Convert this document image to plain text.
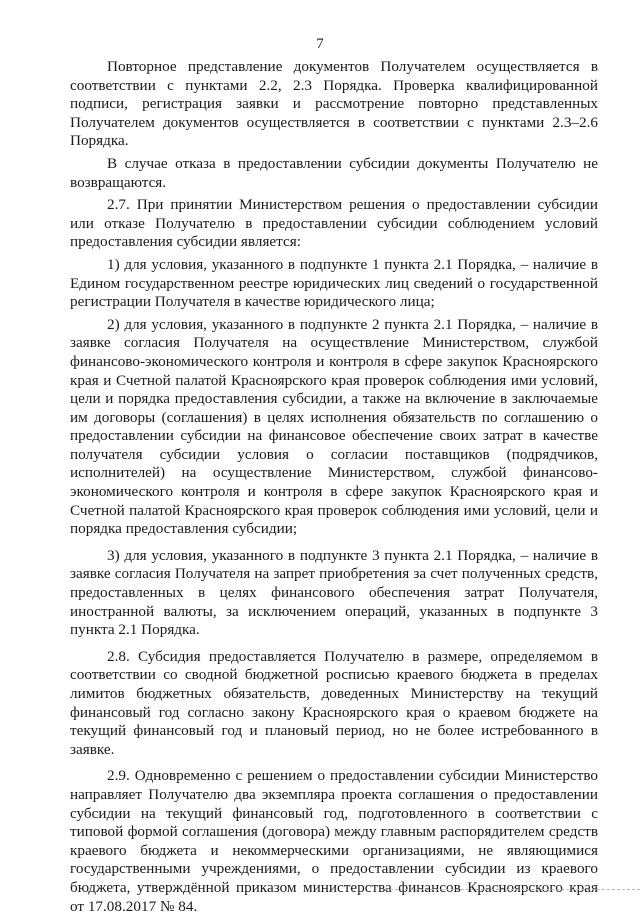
7

Повторное представление документов Получателем осуществляется в соответствии с пунктами 2.2, 2.3 Порядка. Проверка квалифицированной подписи, регистрация заявки и рассмотрение повторно представленных Получателем документов осуществляется в соответствии с пунктами 2.3–2.6 Порядка.

В случае отказа в предоставлении субсидии документы Получателю не возвращаются.

2.7. При принятии Министерством решения о предоставлении субсидии или отказе Получателю в предоставлении субсидии соблюдением условий предоставления субсидии является:

1) для условия, указанного в подпункте 1 пункта 2.1 Порядка, – наличие в Едином государственном реестре юридических лиц сведений о государственной регистрации Получателя в качестве юридического лица;

2) для условия, указанного в подпункте 2 пункта 2.1 Порядка, – наличие в заявке согласия Получателя на осуществление Министерством, службой финансово-экономического контроля и контроля в сфере закупок Красноярского края и Счетной палатой Красноярского края проверок соблюдения ими условий, цели и порядка предоставления субсидии, а также на включение в заключаемые им договоры (соглашения) в целях исполнения обязательств по соглашению о предоставлении субсидии на финансовое обеспечение своих затрат в качестве получателя субсидии условия о согласии поставщиков (подрядчиков, исполнителей) на осуществление Министерством, службой финансово-экономического контроля и контроля в сфере закупок Красноярского края и Счетной палатой Красноярского края проверок соблюдения ими условий, цели и порядка предоставления субсидии;

3) для условия, указанного в подпункте 3 пункта 2.1 Порядка, – наличие в заявке согласия Получателя на запрет приобретения за счет полученных средств, предоставленных в целях финансового обеспечения затрат Получателя, иностранной валюты, за исключением операций, указанных в подпункте 3 пункта 2.1 Порядка.

2.8. Субсидия предоставляется Получателю в размере, определяемом в соответствии со сводной бюджетной росписью краевого бюджета в пределах лимитов бюджетных обязательств, доведенных Министерству на текущий финансовый год согласно закону Красноярского края о краевом бюджете на текущий финансовый год и плановый период, но не более истребованного в заявке.

2.9. Одновременно с решением о предоставлении субсидии Министерство направляет Получателю два экземпляра проекта соглашения о предоставлении субсидии на текущий финансовый год, подготовленного в соответствии с типовой формой соглашения (договора) между главным распорядителем средств краевого бюджета и некоммерческими организациями, не являющимися государственными учреждениями, о предоставлении субсидии из краевого бюджета, утверждённой приказом министерства финансов Красноярского края от 17.08.2017 № 84.
